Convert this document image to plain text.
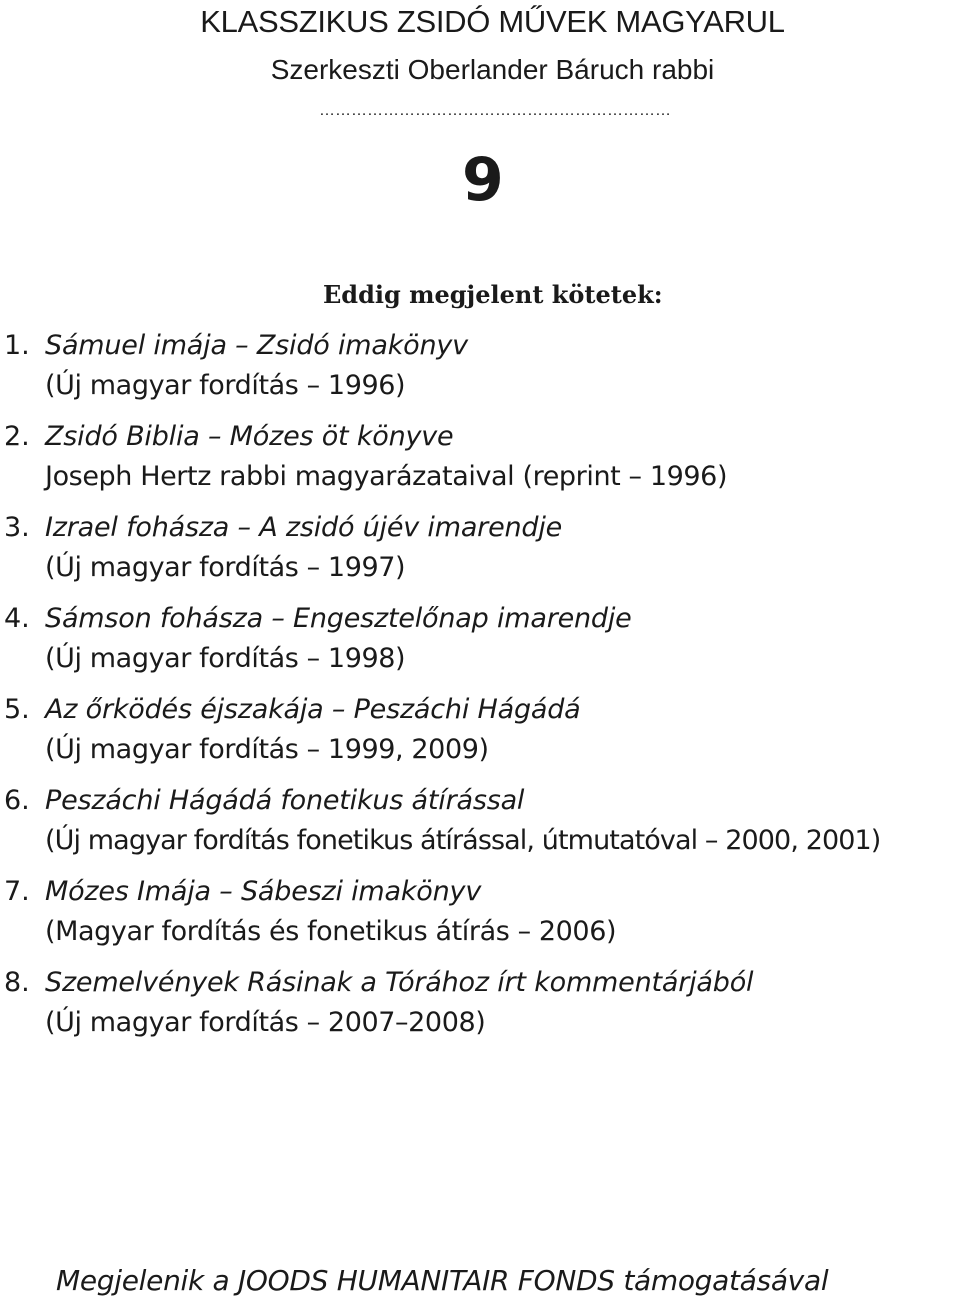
KLASSZIKUS ZSIDÓ MŰVEK MAGYARUL
Szerkeszti Oberlander Báruch rabbi
…………………………………………………………
9
Eddig megjelent kötetek:
1. Sámuel imája – Zsidó imakönyv
(Új magyar fordítás – 1996)
2. Zsidó Biblia – Mózes öt könyve
Joseph Hertz rabbi magyarázataival (reprint – 1996)
3. Izrael fohásza – A zsidó újév imarendje
(Új magyar fordítás – 1997)
4. Sámson fohásza – Engesztelőnap imarendje
(Új magyar fordítás – 1998)
5. Az őrködés éjszakája – Peszáchi Hágádá
(Új magyar fordítás – 1999, 2009)
6. Peszáchi Hágádá fonetikus átírással
(Új magyar fordítás fonetikus átírással, útmutatóval – 2000, 2001)
7. Mózes Imája – Sábeszi imakönyv
(Magyar fordítás és fonetikus átírás – 2006)
8. Szemelvények Rásinak a Tórához írt kommentárjából
(Új magyar fordítás – 2007–2008)
Megjelenik a JOODS HUMANITAIR FONDS támogatásával
